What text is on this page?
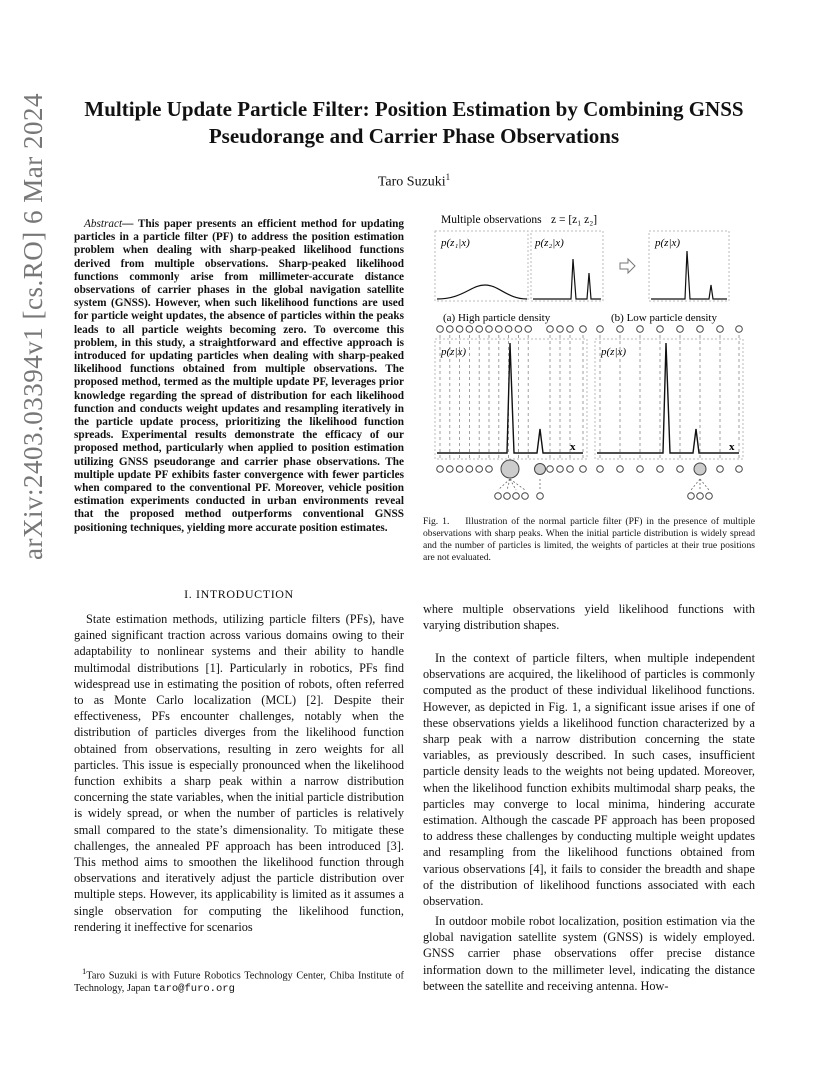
arXiv:2403.03394v1 [cs.RO] 6 Mar 2024	Multiple Update Particle Filter: Position Estimation by Combining GNSS Pseudorange and Carrier Phase Observations
Taro Suzuki$^1$

Abstract— This paper presents an efficient method for updating particles in a particle filter (PF) to address the position estimation problem when dealing with sharp-peaked likelihood functions derived from multiple observations. Sharp-peaked likelihood functions commonly arise from millimeter-accurate distance observations of carrier phases in the global navigation satellite system (GNSS). However, when such likelihood functions are used for particle weight updates, the absence of particles within the peaks leads to all particle weights becoming zero. To overcome this problem, in this study, a straightforward and effective approach is introduced for updating particles when dealing with sharp-peaked likelihood functions obtained from multiple observations. The proposed method, termed as the multiple update PF, leverages prior knowledge regarding the spread of distribution for each likelihood function and conducts weight updates and resampling iteratively in the particle update process, prioritizing the likelihood function spreads. Experimental results demonstrate the efficacy of our proposed method, particularly when applied to position estimation utilizing GNSS pseudorange and carrier phase observations. The multiple update PF exhibits faster convergence with fewer particles when compared to the conventional PF. Moreover, vehicle position estimation experiments conducted in urban environments reveal that the proposed method outperforms conventional GNSS positioning techniques, yielding more accurate position estimates.

I. INTRODUCTION

State estimation methods, utilizing particle filters (PFs), have gained significant traction across various domains owing to their adaptability to nonlinear systems and their ability to handle multimodal distributions [1]. Particularly in robotics, PFs find widespread use in estimating the position of robots, often referred to as Monte Carlo localization (MCL) [2]. Despite their effectiveness, PFs encounter challenges, notably when the distribution of particles diverges from the likelihood function obtained from observations, resulting in zero weights for all particles. This issue is especially pronounced when the likelihood function exhibits a sharp peak within a narrow distribution concerning the state variables, when the initial particle distribution is widely spread, or when the number of particles is relatively small compared to the state’s dimensionality. To mitigate these challenges, the annealed PF approach has been introduced [3]. This method aims to smoothen the likelihood function through observations and iteratively adjust the particle distribution over multiple steps. However, its applicability is limited as it assumes a single observation for computing the likelihood function, rendering it ineffective for scenarios

$^1$Taro Suzuki is with Future Robotics Technology Center, Chiba Institute of Technology, Japan taro@furo.org

Multiple observations z = [z₁ z₂]
p(z₁|x)	p(z₂|x)	p(z|x)
(a) High particle density	(b) Low particle density
p(z|x)	p(z|x)
x	x

Fig. 1. Illustration of the normal particle filter (PF) in the presence of multiple observations with sharp peaks. When the initial particle distribution is widely spread and the number of particles is limited, the weights of particles at their true positions are not evaluated.

where multiple observations yield likelihood functions with varying distribution shapes.

In the context of particle filters, when multiple independent observations are acquired, the likelihood of particles is commonly computed as the product of these individual likelihood functions. However, as depicted in Fig. 1, a significant issue arises if one of these observations yields a likelihood function characterized by a sharp peak with a narrow distribution concerning the state variables, as previously described. In such cases, insufficient particle density leads to the weights not being updated. Moreover, when the likelihood function exhibits multimodal sharp peaks, the particles may converge to local minima, hindering accurate estimation. Although the cascade PF approach has been proposed to address these challenges by conducting multiple weight updates and resampling from the likelihood functions obtained from various observations [4], it fails to consider the breadth and shape of the distribution of likelihood functions associated with each observation.

In outdoor mobile robot localization, position estimation via the global navigation satellite system (GNSS) is widely employed. GNSS carrier phase observations offer precise distance information down to the millimeter level, indicating the distance between the satellite and receiving antenna. How-
